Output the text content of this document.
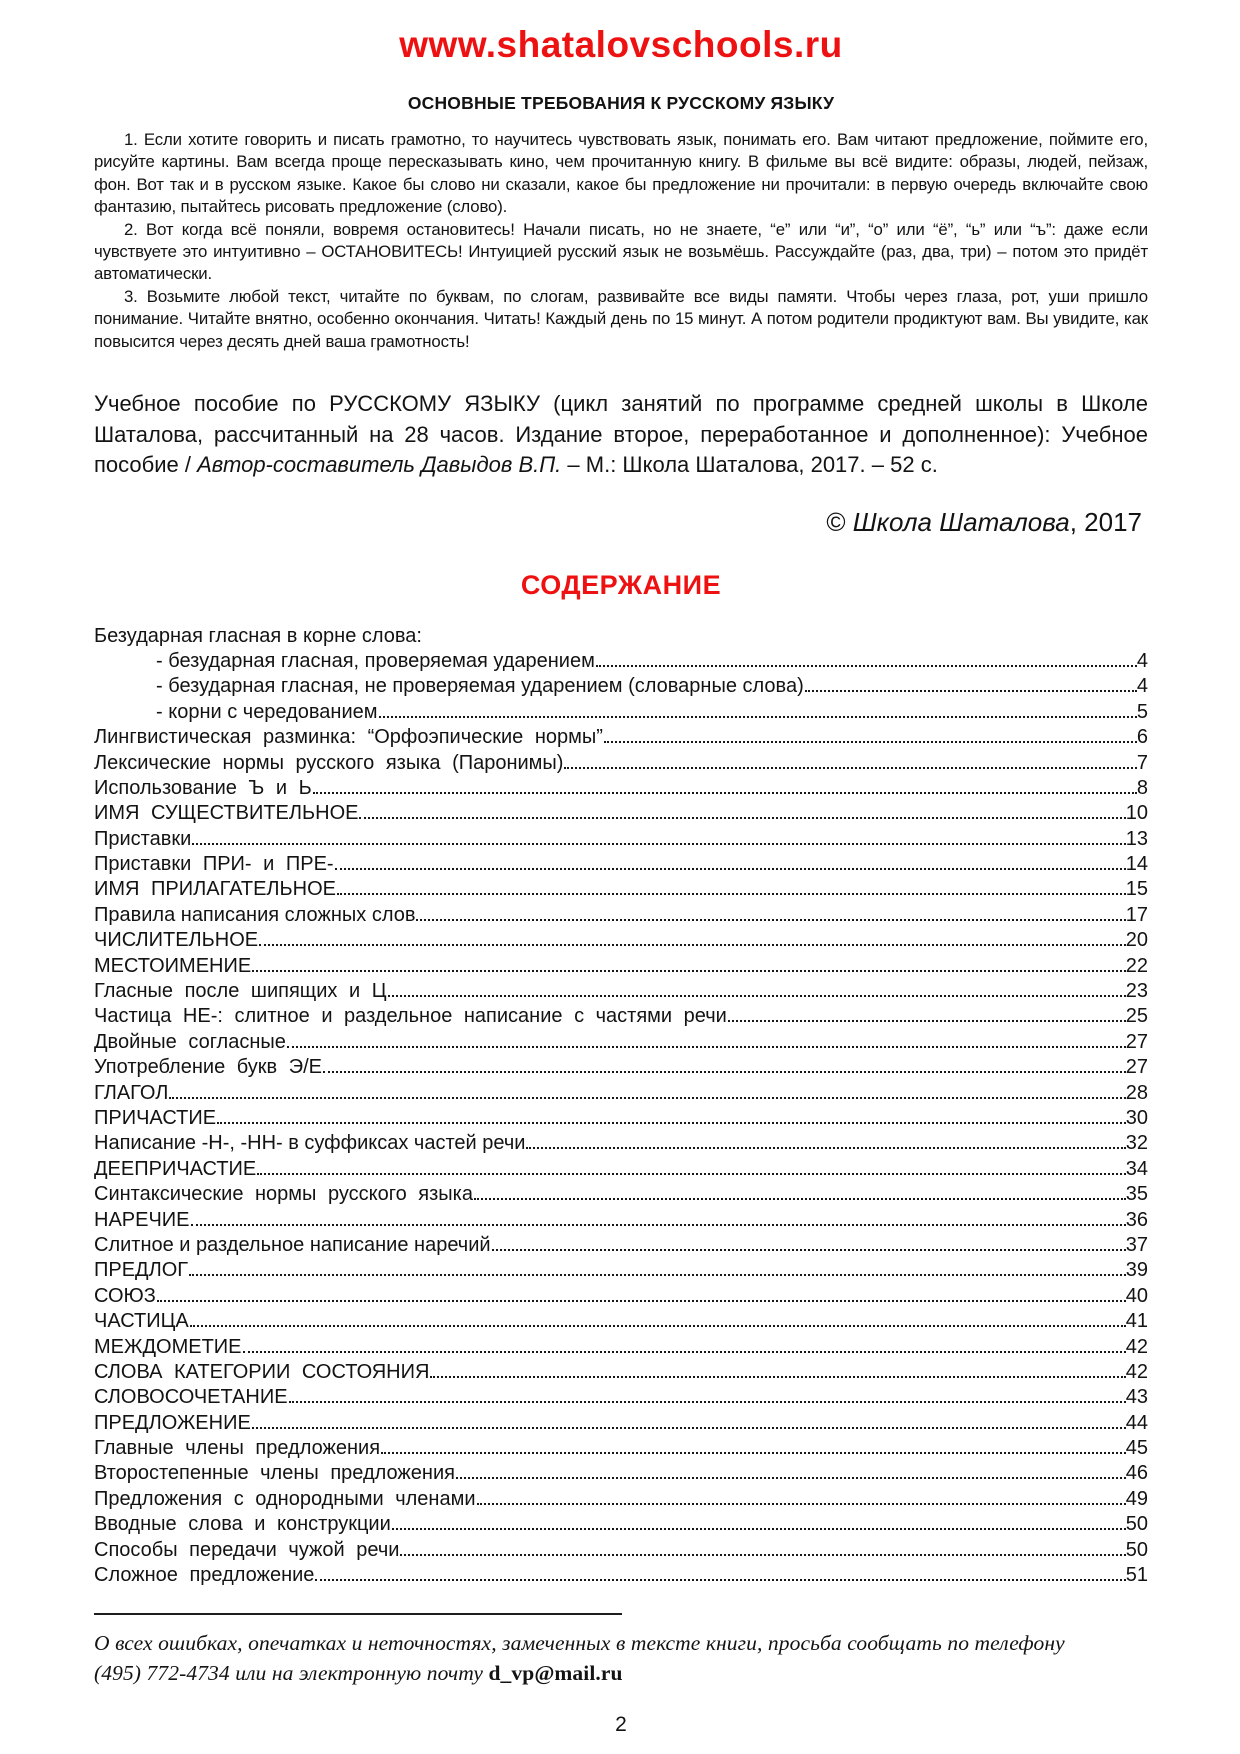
www.shatalovschools.ru
ОСНОВНЫЕ ТРЕБОВАНИЯ К РУССКОМУ ЯЗЫКУ

1. Если хотите говорить и писать грамотно, то научитесь чувствовать язык, понимать его. Вам читают предложение, поймите его, рисуйте картины. Вам всегда проще пересказывать кино, чем прочитанную книгу. В фильме вы всё видите: образы, людей, пейзаж, фон. Вот так и в русском языке. Какое бы слово ни сказали, какое бы предложение ни прочитали: в первую очередь включайте свою фантазию, пытайтесь рисовать предложение (слово).

2. Вот когда всё поняли, вовремя остановитесь! Начали писать, но не знаете, “е” или “и”, “о” или “ё”, “ь” или “ъ”: даже если чувствуете это интуитивно – ОСТАНОВИТЕСЬ! Интуицией русский язык не возьмёшь. Рассуждайте (раз, два, три) – потом это придёт автоматически.

3. Возьмите любой текст, читайте по буквам, по слогам, развивайте все виды памяти. Чтобы через глаза, рот, уши пришло понимание. Читайте внятно, особенно окончания. Читать! Каждый день по 15 минут. А потом родители продиктуют вам. Вы увидите, как повысится через десять дней ваша грамотность!

Учебное пособие по РУССКОМУ ЯЗЫКУ (цикл занятий по программе средней школы в Школе Шаталова, рассчитанный на 28 часов. Издание второе, переработанное и дополненное): Учебное пособие / Автор-составитель Давыдов В.П. – М.: Школа Шаталова, 2017. – 52 с.

© Школа Шаталова, 2017
СОДЕРЖАНИЕ
Безударная гласная в корне слова:
- безударная гласная, проверяемая ударением	4
- безударная гласная, не проверяемая ударением (словарные слова)	4
- корни с чередованием	5
Лингвистическая разминка: “Орфоэпические нормы”	6
Лексические нормы русского языка (Паронимы)	7
Использование Ъ и Ь	8
ИМЯ СУЩЕСТВИТЕЛЬНОЕ	10
Приставки	13
Приставки ПРИ- и ПРЕ-	14
ИМЯ ПРИЛАГАТЕЛЬНОЕ	15
Правила написания сложных слов	17
ЧИСЛИТЕЛЬНОЕ	20
МЕСТОИМЕНИЕ	22
Гласные после шипящих и Ц	23
Частица НЕ-: слитное и раздельное написание с частями речи	25
Двойные согласные	27
Употребление букв Э/Е	27
ГЛАГОЛ	28
ПРИЧАСТИЕ	30
Написание -Н-, -НН- в суффиксах частей речи	32
ДЕЕПРИЧАСТИЕ	34
Синтаксические нормы русского языка	35
НАРЕЧИЕ	36
Слитное и раздельное написание наречий	37
ПРЕДЛОГ	39
СОЮЗ	40
ЧАСТИЦА	41
МЕЖДОМЕТИЕ	42
СЛОВА КАТЕГОРИИ СОСТОЯНИЯ	42
СЛОВОСОЧЕТАНИЕ	43
ПРЕДЛОЖЕНИЕ	44
Главные члены предложения	45
Второстепенные члены предложения	46
Предложения с однородными членами	49
Вводные слова и конструкции	50
Способы передачи чужой речи	50
Сложное предложение	51
О всех ошибках, опечатках и неточностях, замеченных в тексте книги, просьба сообщать по телефону
(495) 772-4734 или на электронную почту d_vp@mail.ru
2
